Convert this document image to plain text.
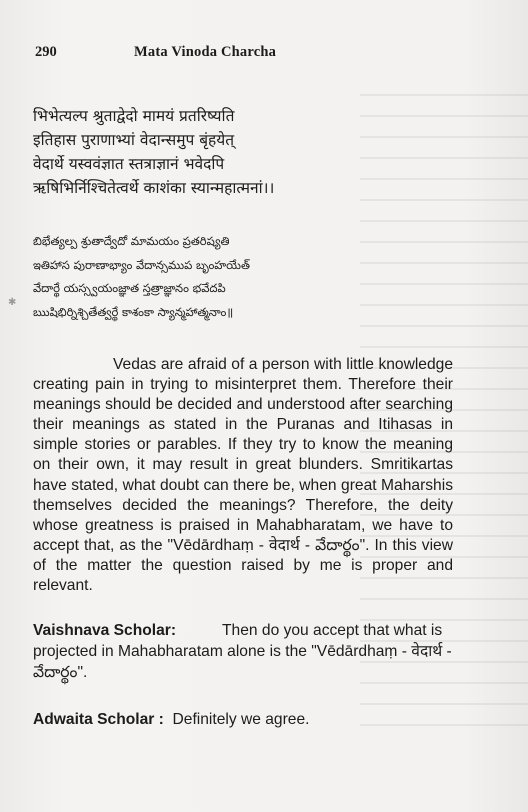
✱
290	Mata Vinoda Charcha
भिभेत्यल्प श्रुताद्वेदो मामयं प्रतरिष्यति
इतिहास पुराणाभ्यां वेदान्समुप बृंहयेत्
वेदार्थे यस्ववंज्ञात स्तत्राज्ञानं भवेदपि
ऋषिभिर्निश्चितेत्वर्थे काशंका स्यान्महात्मनां।।
బిభేత్యల్ప శ్రుతాద్వేదో మామయం ప్రతరిష్యతి
ఇతిహాస పురాణాభ్యాం వేదాన్సముప బృంహయేత్
వేదార్థే యస్స్వయంజ్ఞాత స్తత్రాజ్ఞానం భవేదపి
ఋషిభిర్నిశ్చితేత్వర్థే కాశంకా స్యాన్మహాత్మనాం॥

Vedas are afraid of a person with little knowledge creating pain in trying to misinterpret them. Therefore their meanings should be decided and understood after searching their meanings as stated in the Puranas and Itihasas in simple stories or parables. If they try to know the meaning on their own, it may result in great blunders. Smritikartas have stated, what doubt can there be, when great Maharshis themselves decided the meanings? Therefore, the deity whose greatness is praised in Mahabharatam, we have to accept that, as the "Vēdārdhaṃ - वेदार्थ - వేదార్థం". In this view of the matter the question raised by me is proper and relevant.

Vaishnava Scholar:	Then do you accept that what is projected in Mahabharatam alone is the "Vēdārdhaṃ - वेदार्थ - వేదార్థం".
Adwaita Scholar : Definitely we agree.
